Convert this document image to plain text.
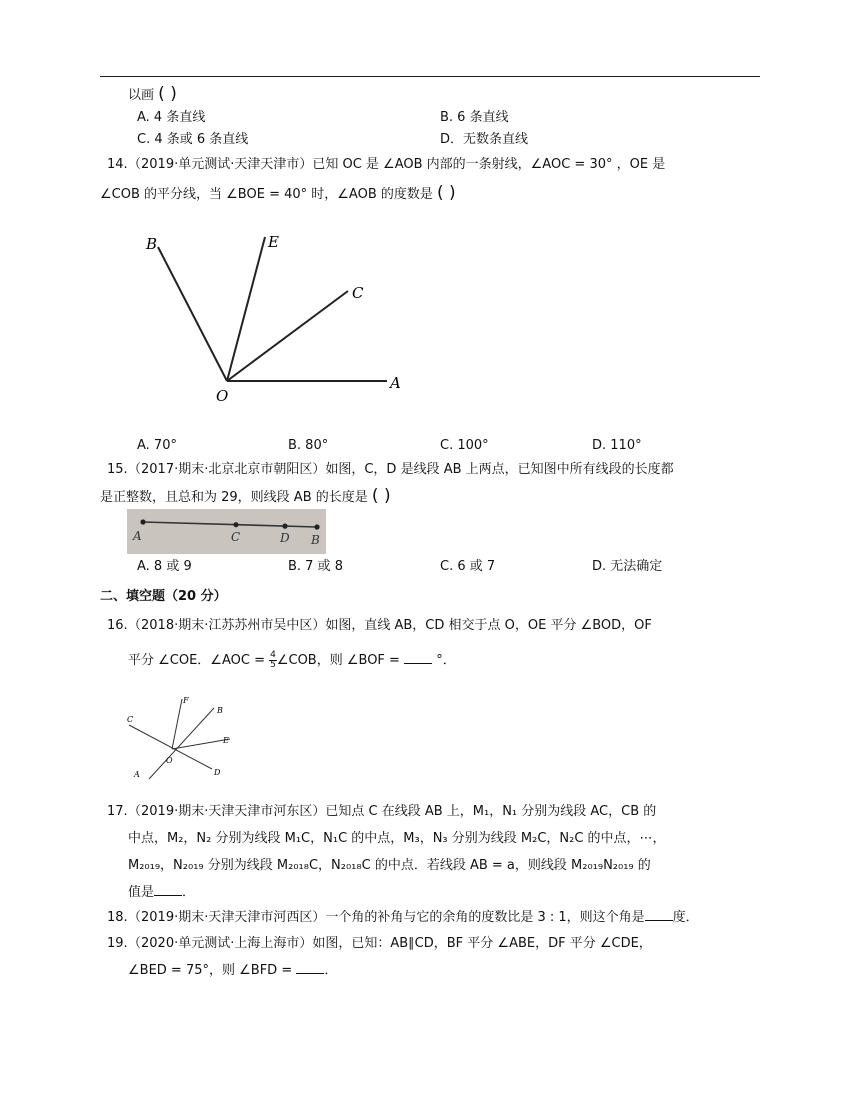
以画 ( )
A. 4 条直线	B. 6 条直线
C. 4 条或 6 条直线	D．无数条直线
14. （2019·单元测试·天津天津市）已知 OC 是 ∠AOB 内部的一条射线，∠AOC = 30° ，OE 是
∠COB 的平分线，当 ∠BOE = 40° 时，∠AOB 的度数是 ( )
B	E
C
O
A
A. 70°	B. 80°	C. 100°	D. 110°
15. （2017·期末·北京北京市朝阳区）如图，C，D 是线段 AB 上两点，已知图中所有线段的长度都
是正整数，且总和为 29，则线段 AB 的长度是 ( )
A	C	D B
A. 8 或 9	B. 7 或 8	C. 6 或 7	D. 无法确定
二、填空题（20 分）
16. （2018·期末·江苏苏州市吴中区）如图，直线 AB，CD 相交于点 O，OE 平分 ∠BOD，OF
平分 ∠COE．∠AOC = $\frac{4}{5}$ ∠COB，则 ∠BOF =	°．
F
B
C
E
O
A	D
17. （2019·期末·天津天津市河东区）已知点 C 在线段 AB 上，M₁，N₁ 分别为线段 AC，CB 的
中点，M₂，N₂ 分别为线段 M₁C，N₁C 的中点，M₃，N₃ 分别为线段 M₂C，N₂C 的中点，⋯，
M₂₀₁₉，N₂₀₁₉ 分别为线段 M₂₀₁₈C，N₂₀₁₈C 的中点．若线段 AB = a，则线段 M₂₀₁₉N₂₀₁₉ 的
值是 ．
18. （2019·期末·天津天津市河西区）一个角的补角与它的余角的度数比是 3 : 1，则这个角是 度．
19. （2020·单元测试·上海上海市）如图，已知：AB∥CD，BF 平分 ∠ABE，DF 平分 ∠CDE，
∠BED = 75°，则 ∠BFD = ．
